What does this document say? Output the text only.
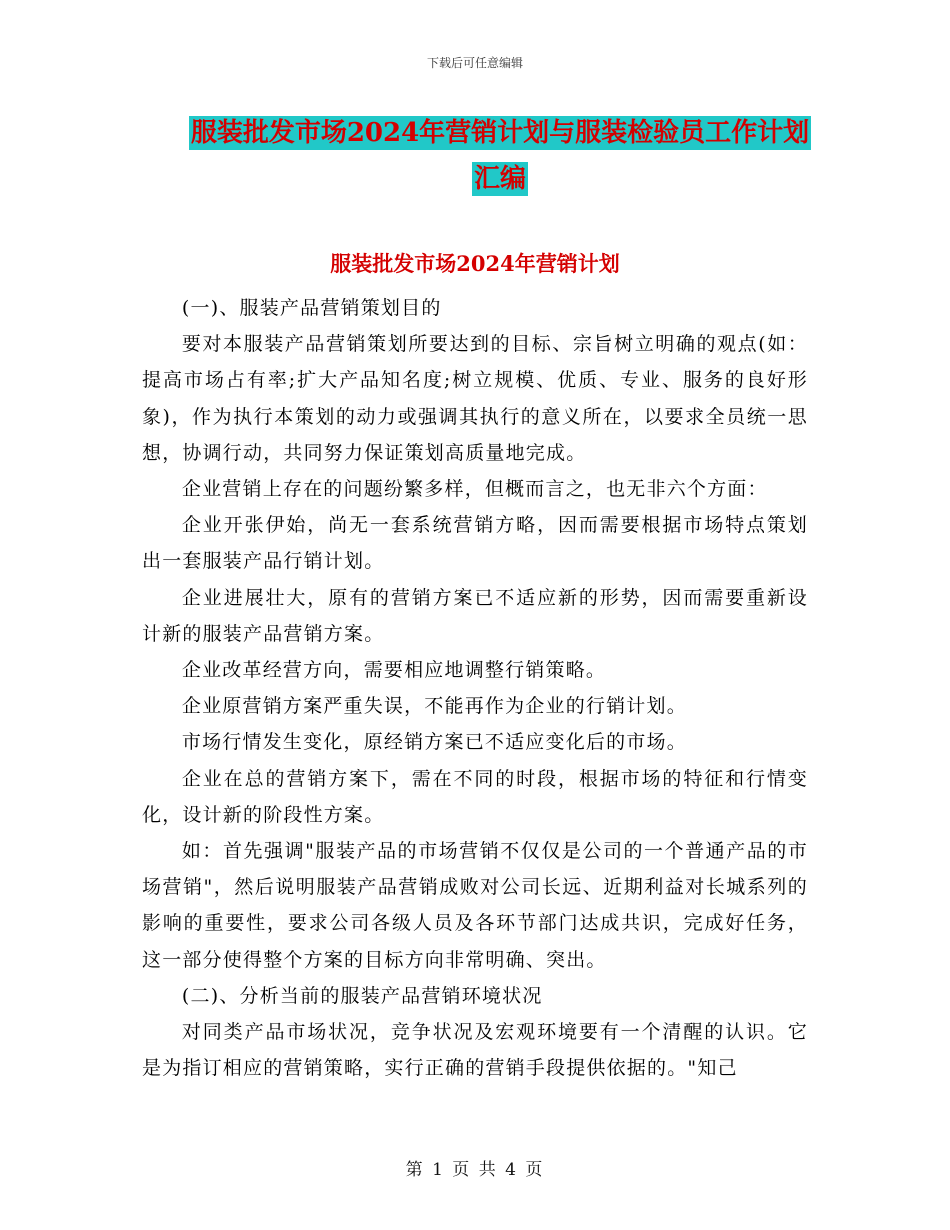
下载后可任意编辑
服装批发市场2024年营销计划与服装检验员工作计划
汇编
服装批发市场2024年营销计划

(一)、服装产品营销策划目的

要对本服装产品营销策划所要达到的目标、宗旨树立明确的观点(如：提高市场占有率;扩大产品知名度;树立规模、优质、专业、服务的良好形象)，作为执行本策划的动力或强调其执行的意义所在，以要求全员统一思想，协调行动，共同努力保证策划高质量地完成。

企业营销上存在的问题纷繁多样，但概而言之，也无非六个方面：

企业开张伊始，尚无一套系统营销方略，因而需要根据市场特点策划出一套服装产品行销计划。

企业进展壮大，原有的营销方案已不适应新的形势，因而需要重新设计新的服装产品营销方案。

企业改革经营方向，需要相应地调整行销策略。

企业原营销方案严重失误，不能再作为企业的行销计划。

市场行情发生变化，原经销方案已不适应变化后的市场。

企业在总的营销方案下，需在不同的时段，根据市场的特征和行情变化，设计新的阶段性方案。

如：首先强调"服装产品的市场营销不仅仅是公司的一个普通产品的市场营销"，然后说明服装产品营销成败对公司长远、近期利益对长城系列的影响的重要性，要求公司各级人员及各环节部门达成共识，完成好任务，这一部分使得整个方案的目标方向非常明确、突出。

(二)、分析当前的服装产品营销环境状况

对同类产品市场状况，竞争状况及宏观环境要有一个清醒的认识。它是为指订相应的营销策略，实行正确的营销手段提供依据的。"知己

第 1 页 共 4 页
